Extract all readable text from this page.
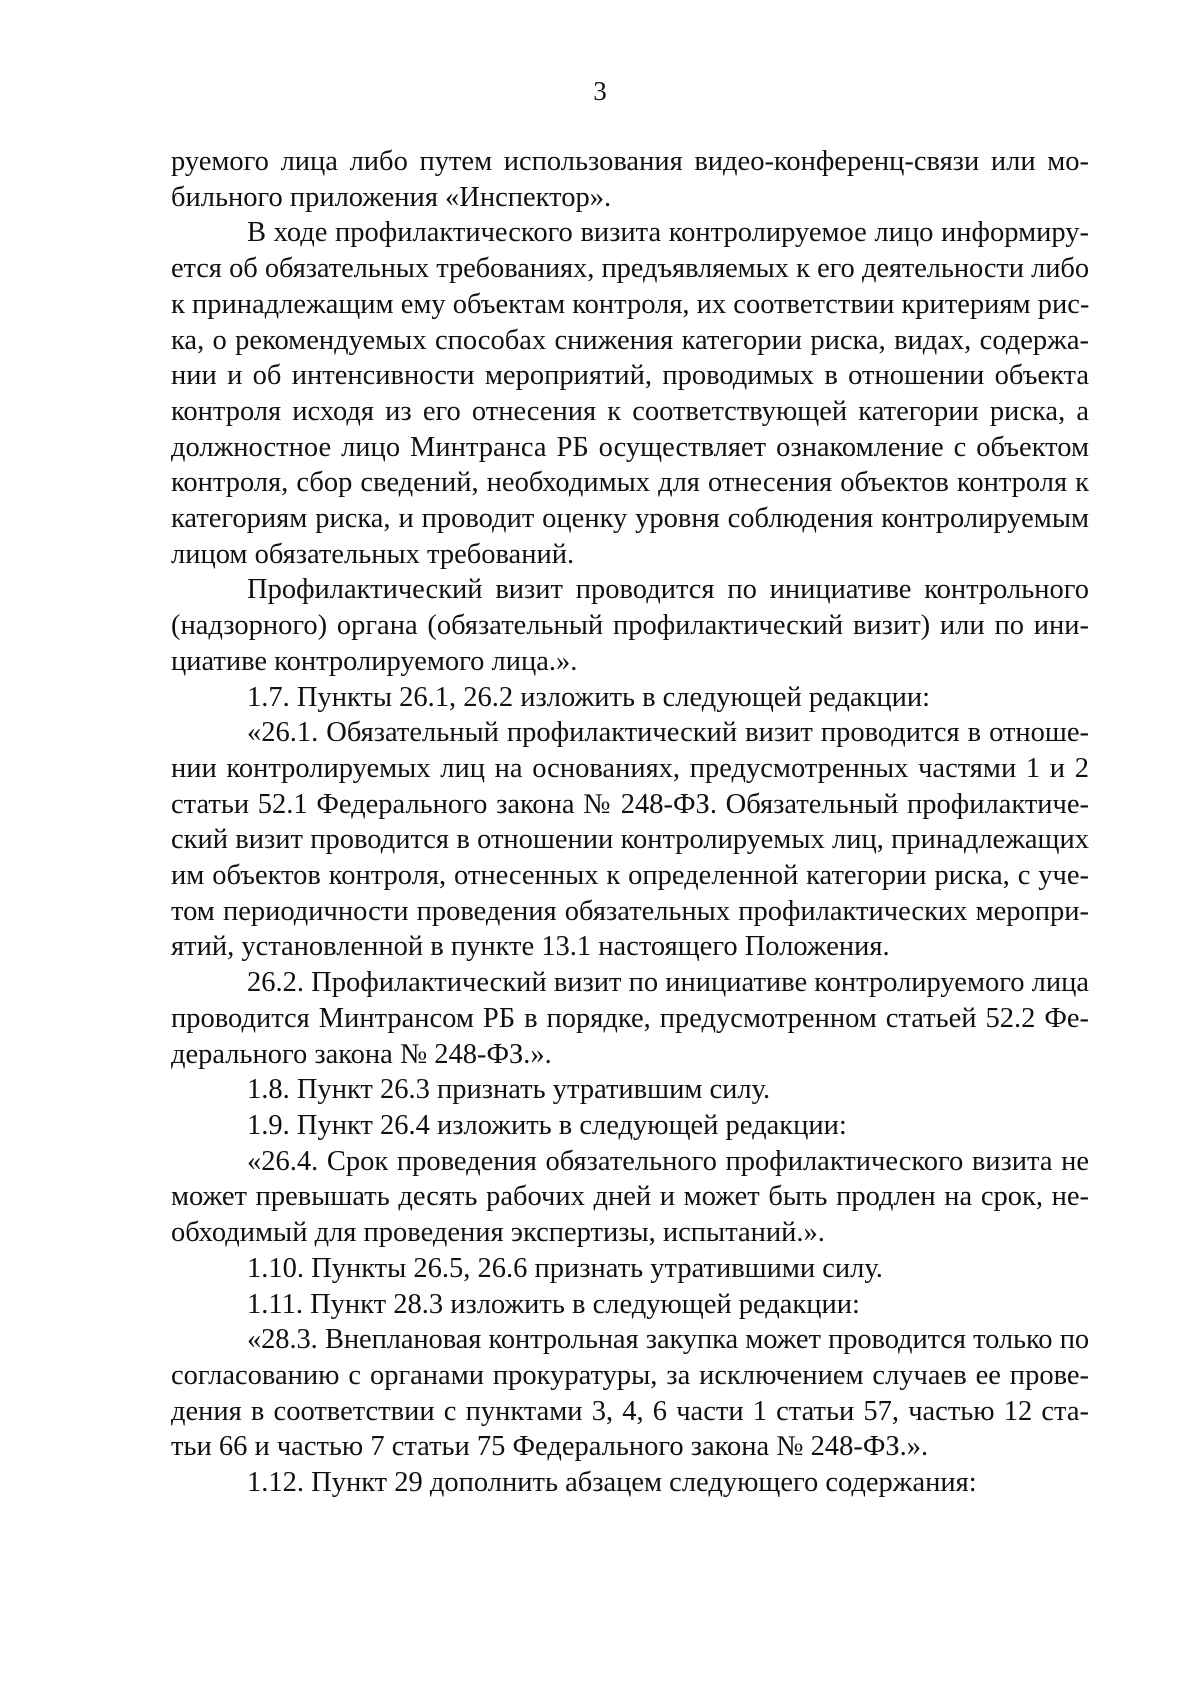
3

руемого лица либо путем использования видео-конференц-связи или мо-

бильного приложения «Инспектор».

В ходе профилактического визита контролируемое лицо информиру-

ется об обязательных требованиях, предъявляемых к его деятельности либо

к принадлежащим ему объектам контроля, их соответствии критериям рис-

ка, о рекомендуемых способах снижения категории риска, видах, содержа-

нии и об интенсивности мероприятий, проводимых в отношении объекта

контроля исходя из его отнесения к соответствующей категории риска, а

должностное лицо Минтранса РБ осуществляет ознакомление с объектом

контроля, сбор сведений, необходимых для отнесения объектов контроля к

категориям риска, и проводит оценку уровня соблюдения контролируемым

лицом обязательных требований.

Профилактический визит проводится по инициативе контрольного

(надзорного) органа (обязательный профилактический визит) или по ини-

циативе контролируемого лица.».

1.7. Пункты 26.1, 26.2 изложить в следующей редакции:

«26.1. Обязательный профилактический визит проводится в отноше-

нии контролируемых лиц на основаниях, предусмотренных частями 1 и 2

статьи 52.1 Федерального закона № 248-ФЗ. Обязательный профилактиче-

ский визит проводится в отношении контролируемых лиц, принадлежащих

им объектов контроля, отнесенных к определенной категории риска, с уче-

том периодичности проведения обязательных профилактических меропри-

ятий, установленной в пункте 13.1 настоящего Положения.

26.2. Профилактический визит по инициативе контролируемого лица

проводится Минтрансом РБ в порядке, предусмотренном статьей 52.2 Фе-

дерального закона № 248-ФЗ.».

1.8. Пункт 26.3 признать утратившим силу.

1.9. Пункт 26.4 изложить в следующей редакции:

«26.4. Срок проведения обязательного профилактического визита не

может превышать десять рабочих дней и может быть продлен на срок, не-

обходимый для проведения экспертизы, испытаний.».

1.10. Пункты 26.5, 26.6 признать утратившими силу.

1.11. Пункт 28.3 изложить в следующей редакции:

«28.3. Внеплановая контрольная закупка может проводится только по

согласованию с органами прокуратуры, за исключением случаев ее прове-

дения в соответствии с пунктами 3, 4, 6 части 1 статьи 57, частью 12 ста-

тьи 66 и частью 7 статьи 75 Федерального закона № 248-ФЗ.».

1.12. Пункт 29 дополнить абзацем следующего содержания:
